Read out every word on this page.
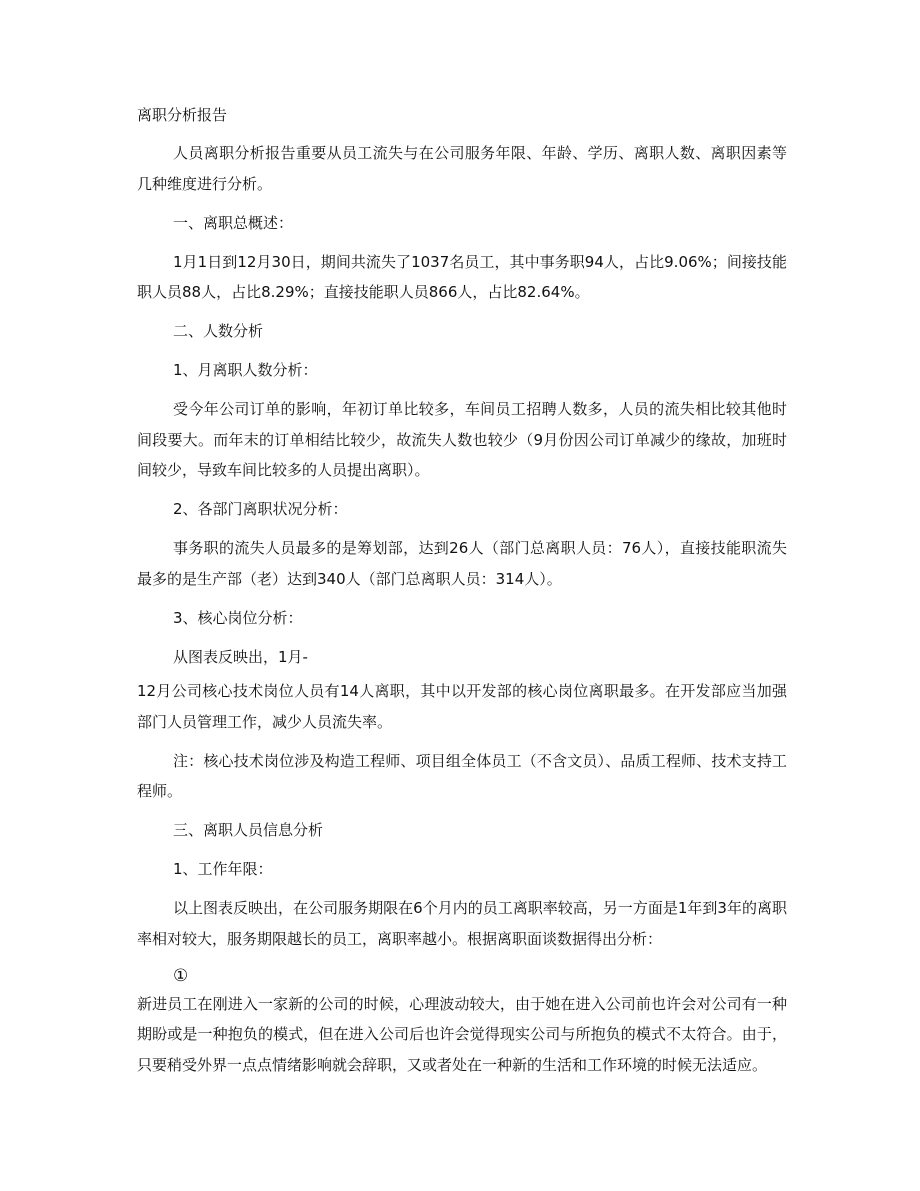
离职分析报告

人员离职分析报告重要从员工流失与在公司服务年限、年龄、学历、离职人数、离职因素等几种维度进行分析。

一、离职总概述：

1月1日到12月30日，期间共流失了1037名员工，其中事务职94人，占比9.06%；间接技能职人员88人，占比8.29%；直接技能职人员866人，占比82.64%。

二、人数分析

1、月离职人数分析：

受今年公司订单的影响，年初订单比较多，车间员工招聘人数多，人员的流失相比较其他时间段要大。而年末的订单相结比较少，故流失人数也较少（9月份因公司订单减少的缘故，加班时间较少，导致车间比较多的人员提出离职）。

2、各部门离职状况分析：

事务职的流失人员最多的是筹划部，达到26人（部门总离职人员：76人），直接技能职流失最多的是生产部（老）达到340人（部门总离职人员：314人）。

3、核心岗位分析：

从图表反映出，1月-

12月公司核心技术岗位人员有14人离职，其中以开发部的核心岗位离职最多。在开发部应当加强部门人员管理工作，减少人员流失率。

注：核心技术岗位涉及构造工程师、项目组全体员工（不含文员）、品质工程师、技术支持工程师。

三、离职人员信息分析

1、工作年限：

以上图表反映出，在公司服务期限在6个月内的员工离职率较高，另一方面是1年到3年的离职率相对较大，服务期限越长的员工，离职率越小。根据离职面谈数据得出分析：

①

新进员工在刚进入一家新的公司的时候，心理波动较大，由于她在进入公司前也许会对公司有一种期盼或是一种抱负的模式，但在进入公司后也许会觉得现实公司与所抱负的模式不太符合。由于，只要稍受外界一点点情绪影响就会辞职，又或者处在一种新的生活和工作环境的时候无法适应。
